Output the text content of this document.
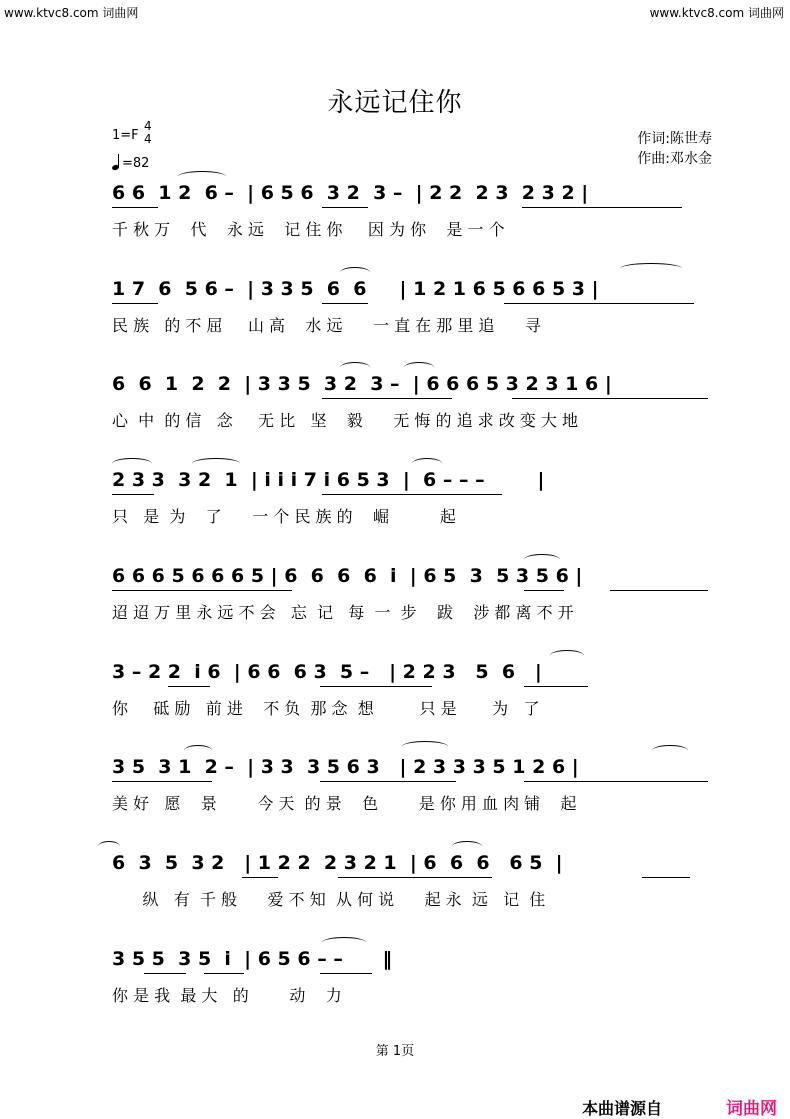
www.ktvc8.com 词曲网	www.ktvc8.com 词曲网
永远记住你
1=F
4
4
=82
作词:陈世寿
作曲:邓水金
6 6  1 2  6 –  | 6 5 6  3 2  3 –  | 2 2  2 3  2 3 2 |
千 秋 万    代    永 远    记 住 你     因 为 你    是 一 个
1 7  6  5 6 –  | 3 3 5  6  6     | 1 2 1 6 5 6 6 5 3 |
民 族   的 不 屈     山 高    水 远      一 直 在 那 里 追      寻
6  6  1  2  2  | 3 3 5  3 2  3 –  | 6 6 6 5 3 2 3 1 6 |
心  中  的 信   念     无 比   坚    毅      无 悔 的 追 求 改 变 大 地
2 3 3  3 2  1  | i i i 7 i 6 5 3  |  6 – – –        |
只   是  为    了      一 个 民 族 的    崛          起
6 6 6 5 6 6 6 5 | 6  6  6  6  i  | 6 5  3  5 3 5 6 |
迢 迢 万 里 永 远 不 会   忘  记   每  一  步    跋    涉 都 离 不 开
3 – 2 2  i 6  | 6 6  6 3  5 –   | 2 2 3   5  6   |
你     砥 励   前 进    不 负  那 念  想         只 是       为   了
3 5  3 1  2 –  | 3 3  3 5 6 3   | 2 3 3 3 5 1 2 6 |
美 好   愿    景        今 天  的 景    色        是 你 用 血 肉 铺    起
6  3  5  3 2   | 1 2 2  2 3 2 1  | 6  6  6   6 5  |
纵   有  千 般      爱 不 知  从 何 说      起 永  远   记  住
3 5 5  3 5  i  | 6 5 6 – –      ‖
你 是 我  最 大   的        动    力
第 1页
本曲谱源自	词曲网
